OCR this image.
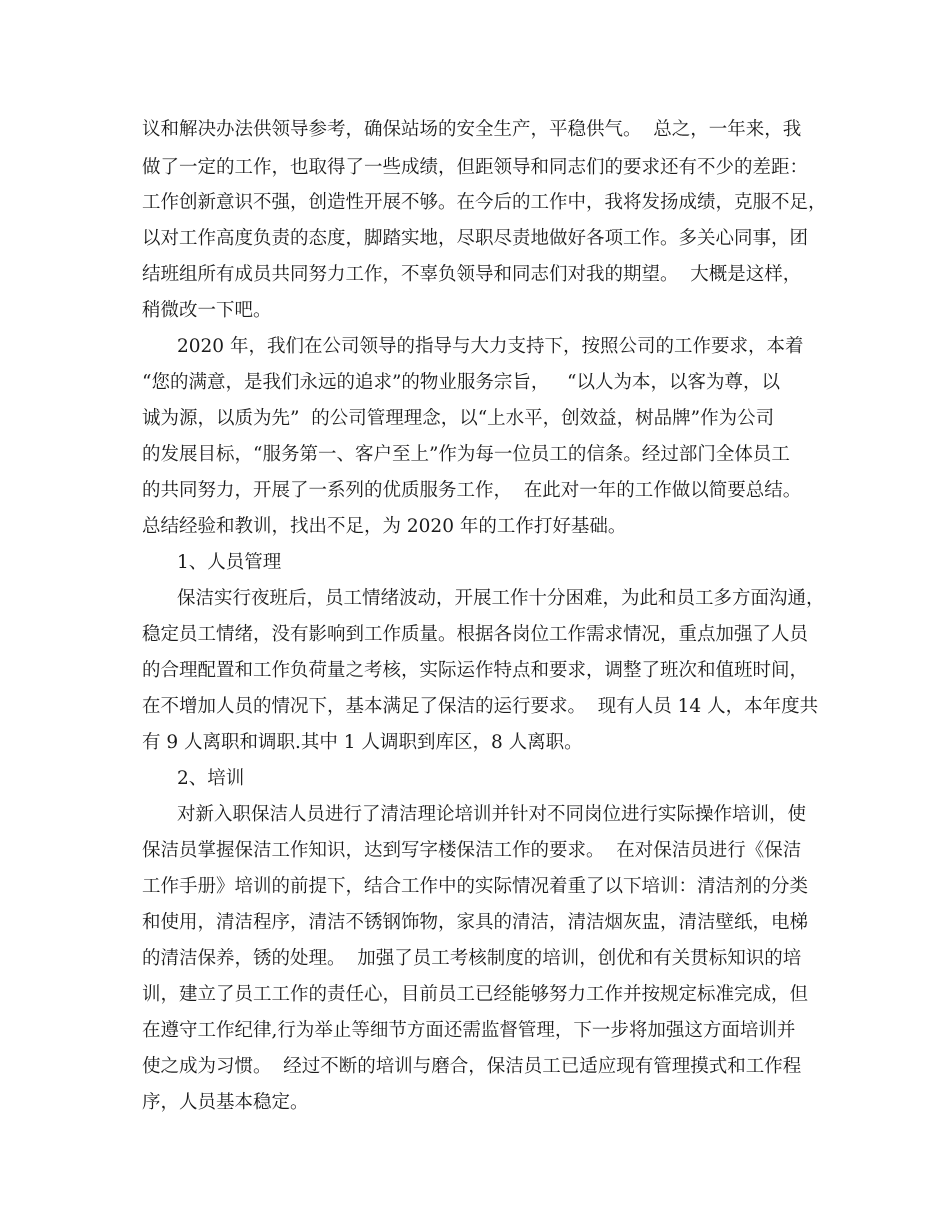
议和解决办法供领导参考，确保站场的安全生产，平稳供气。  总之，一年来，我
做了一定的工作，也取得了一些成绩，但距领导和同志们的要求还有不少的差距：
工作创新意识不强，创造性开展不够。在今后的工作中，我将发扬成绩，克服不足，
以对工作高度负责的态度，脚踏实地，尽职尽责地做好各项工作。多关心同事，团
结班组所有成员共同努力工作，不辜负领导和同志们对我的期望。  大概是这样，
稍微改一下吧。
2020 年，我们在公司领导的指导与大力支持下，按照公司的工作要求，本着
“您的满意，是我们永远的追求”的物业服务宗旨，   “以人为本，以客为尊，以
诚为源，以质为先”  的公司管理理念，以“上水平，创效益，树品牌”作为公司
的发展目标，“服务第一、客户至上”作为每一位员工的信条。经过部门全体员工
的共同努力，开展了一系列的优质服务工作，  在此对一年的工作做以简要总结。
总结经验和教训，找出不足，为 2020 年的工作打好基础。
1、人员管理
保洁实行夜班后，员工情绪波动，开展工作十分困难，为此和员工多方面沟通，
稳定员工情绪，没有影响到工作质量。根据各岗位工作需求情况，重点加强了人员
的合理配置和工作负荷量之考核，实际运作特点和要求，调整了班次和值班时间，
在不增加人员的情况下，基本满足了保洁的运行要求。  现有人员 14 人，本年度共
有 9 人离职和调职.其中 1 人调职到库区，8 人离职。
2、培训
对新入职保洁人员进行了清洁理论培训并针对不同岗位进行实际操作培训，使
保洁员掌握保洁工作知识，达到写字楼保洁工作的要求。  在对保洁员进行《保洁
工作手册》培训的前提下，结合工作中的实际情况着重了以下培训：清洁剂的分类
和使用，清洁程序，清洁不锈钢饰物，家具的清洁，清洁烟灰盅，清洁壁纸，电梯
的清洁保养，锈的处理。  加强了员工考核制度的培训，创优和有关贯标知识的培
训，建立了员工工作的责任心，目前员工已经能够努力工作并按规定标准完成，但
在遵守工作纪律,行为举止等细节方面还需监督管理，下一步将加强这方面培训并
使之成为习惯。  经过不断的培训与磨合，保洁员工已适应现有管理摸式和工作程
序，人员基本稳定。
